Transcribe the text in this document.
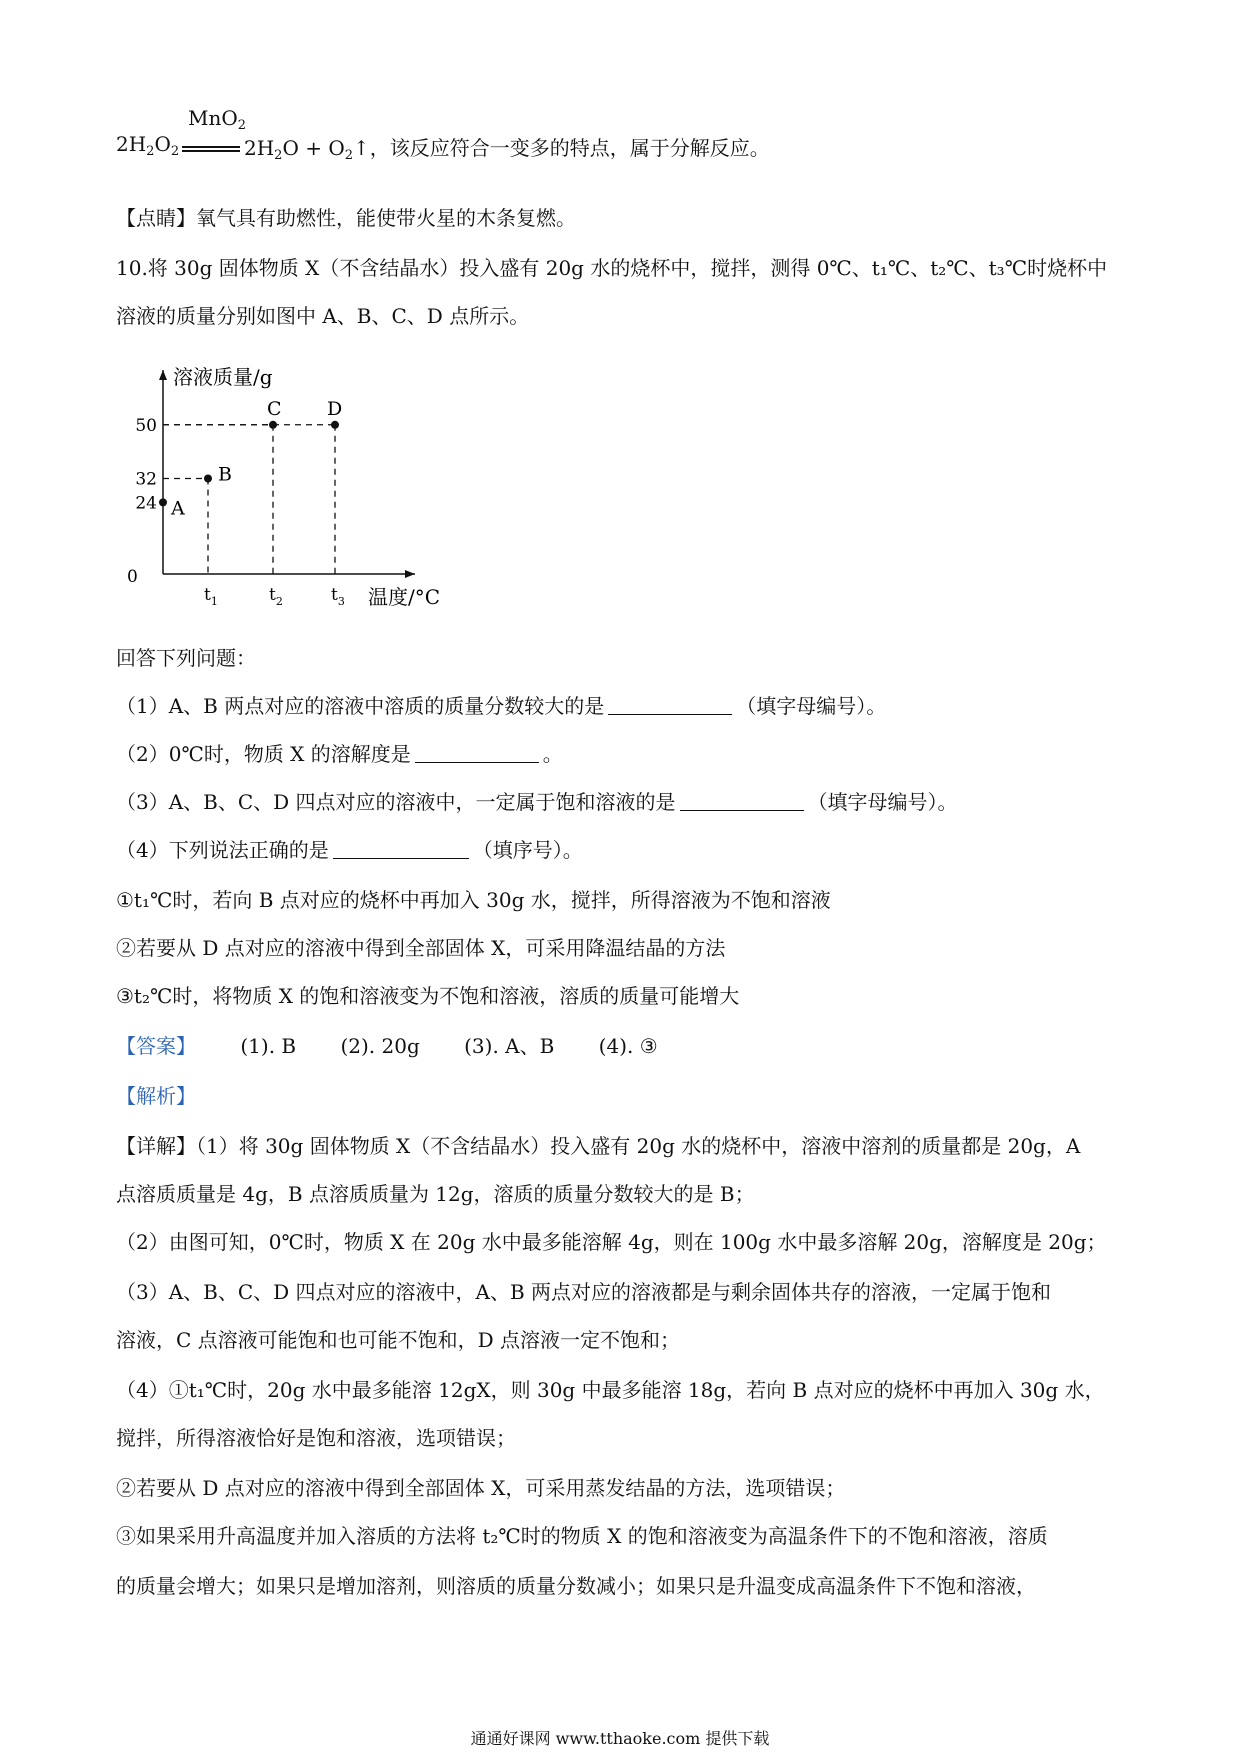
MnO$_2$
$2H_2O_2$	$2H_2O$ + $O_2↑$，该反应符合一变多的特点，属于分解反应。
【点睛】氧气具有助燃性，能使带火星的木条复燃。
10.将 30g 固体物质 X（不含结晶水）投入盛有 20g 水的烧杯中，搅拌，测得 0℃、t₁℃、t₂℃、t₃℃时烧杯中
溶液的质量分别如图中 A、B、C、D 点所示。
溶液质量/g
温度/°C
0
50
32
24
$t_1$	$t_2$	$t_3$
A
B
C D
回答下列问题：
（1）A、B 两点对应的溶液中溶质的质量分数较大的是	（填字母编号）。
（2）0℃时，物质 X 的溶解度是	。
（3）A、B、C、D 四点对应的溶液中，一定属于饱和溶液的是	（填字母编号）。
（4）下列说法正确的是	（填序号）。
①t₁℃时，若向 B 点对应的烧杯中再加入 30g 水，搅拌，所得溶液为不饱和溶液
②若要从 D 点对应的溶液中得到全部固体 X，可采用降温结晶的方法
③t₂℃时，将物质 X 的饱和溶液变为不饱和溶液，溶质的质量可能增大
【答案】 (1). B (2). 20g (3). A、B (4). ③
【解析】
【详解】（1）将 30g 固体物质 X（不含结晶水）投入盛有 20g 水的烧杯中，溶液中溶剂的质量都是 20g，A
点溶质质量是 4g，B 点溶质质量为 12g，溶质的质量分数较大的是 B；
（2）由图可知，0℃时，物质 X 在 20g 水中最多能溶解 4g，则在 100g 水中最多溶解 20g，溶解度是 20g；
（3）A、B、C、D 四点对应的溶液中，A、B 两点对应的溶液都是与剩余固体共存的溶液，一定属于饱和
溶液，C 点溶液可能饱和也可能不饱和，D 点溶液一定不饱和；
（4）①t₁℃时，20g 水中最多能溶 12gX，则 30g 中最多能溶 18g，若向 B 点对应的烧杯中再加入 30g 水，
搅拌，所得溶液恰好是饱和溶液，选项错误；
②若要从 D 点对应的溶液中得到全部固体 X，可采用蒸发结晶的方法，选项错误；
③如果采用升高温度并加入溶质的方法将 t₂℃时的物质 X 的饱和溶液变为高温条件下的不饱和溶液，溶质
的质量会增大；如果只是增加溶剂，则溶质的质量分数减小；如果只是升温变成高温条件下不饱和溶液，
通通好课网 www.tthaoke.com 提供下载
